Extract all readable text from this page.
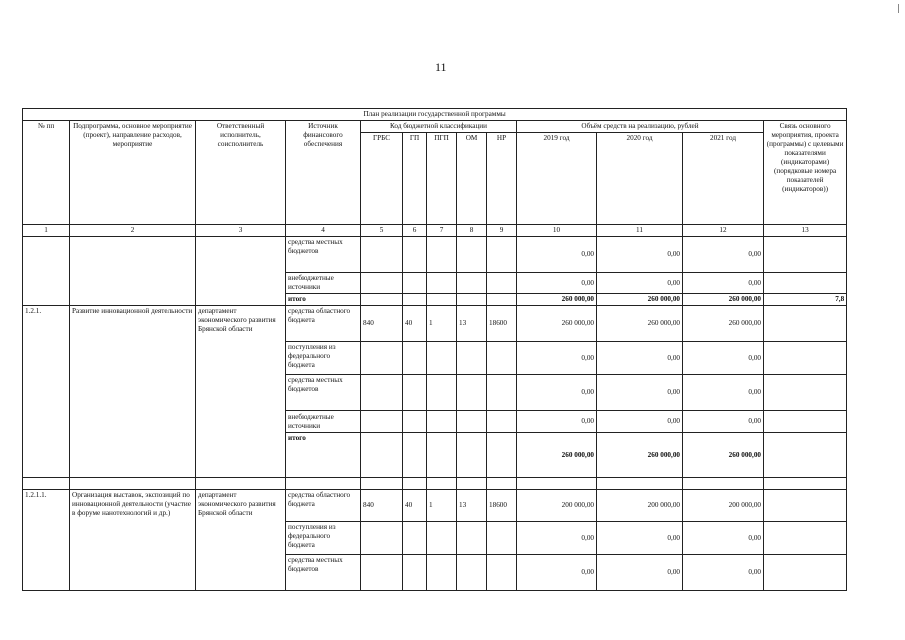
11
План реализации государственной программы												
№ пп	Подпрограмма, основное мероприятие (проект), направление расходов, мероприятие	Ответственный исполнитель, соисполнитель	Источник финансового обеспечения	Код бюджетной классификации					Объём средств на реализацию, рублей			Связь основного мероприятия, проекта (программы) с целевыми показателями (индикаторами) (порядковые номера показателей (индикаторов))
				ГРБС	ГП	ПГП	ОМ	НР	2019 год	2020 год	2021 год	
1	2	3	4	5	6	7	8	9	10	11	12	13
			средства местных бюджетов						0,00	0,00	0,00	
			внебюджетные источники						0,00	0,00	0,00	
			итого						260 000,00	260 000,00	260 000,00	7,8
1.2.1.	Развитие инновационной деятельности	департамент экономического развития Брянской области	средства областного бюджета	840	40	1	13	18600	260 000,00	260 000,00	260 000,00	
			поступления из федерального бюджета						0,00	0,00	0,00	
			средства местных бюджетов						0,00	0,00	0,00	
			внебюджетные источники						0,00	0,00	0,00	
			итого						260 000,00	260 000,00	260 000,00	

1.2.1.1.	Организация выставок, экспозиций по инновационной деятельности (участие в форуме нанотехнологий и др.)	департамент экономического развития Брянской области	средства областного бюджета	840	40	1	13	18600	200 000,00	200 000,00	200 000,00	
			поступления из федерального бюджета						0,00	0,00	0,00	
			средства местных бюджетов						0,00	0,00	0,00	
